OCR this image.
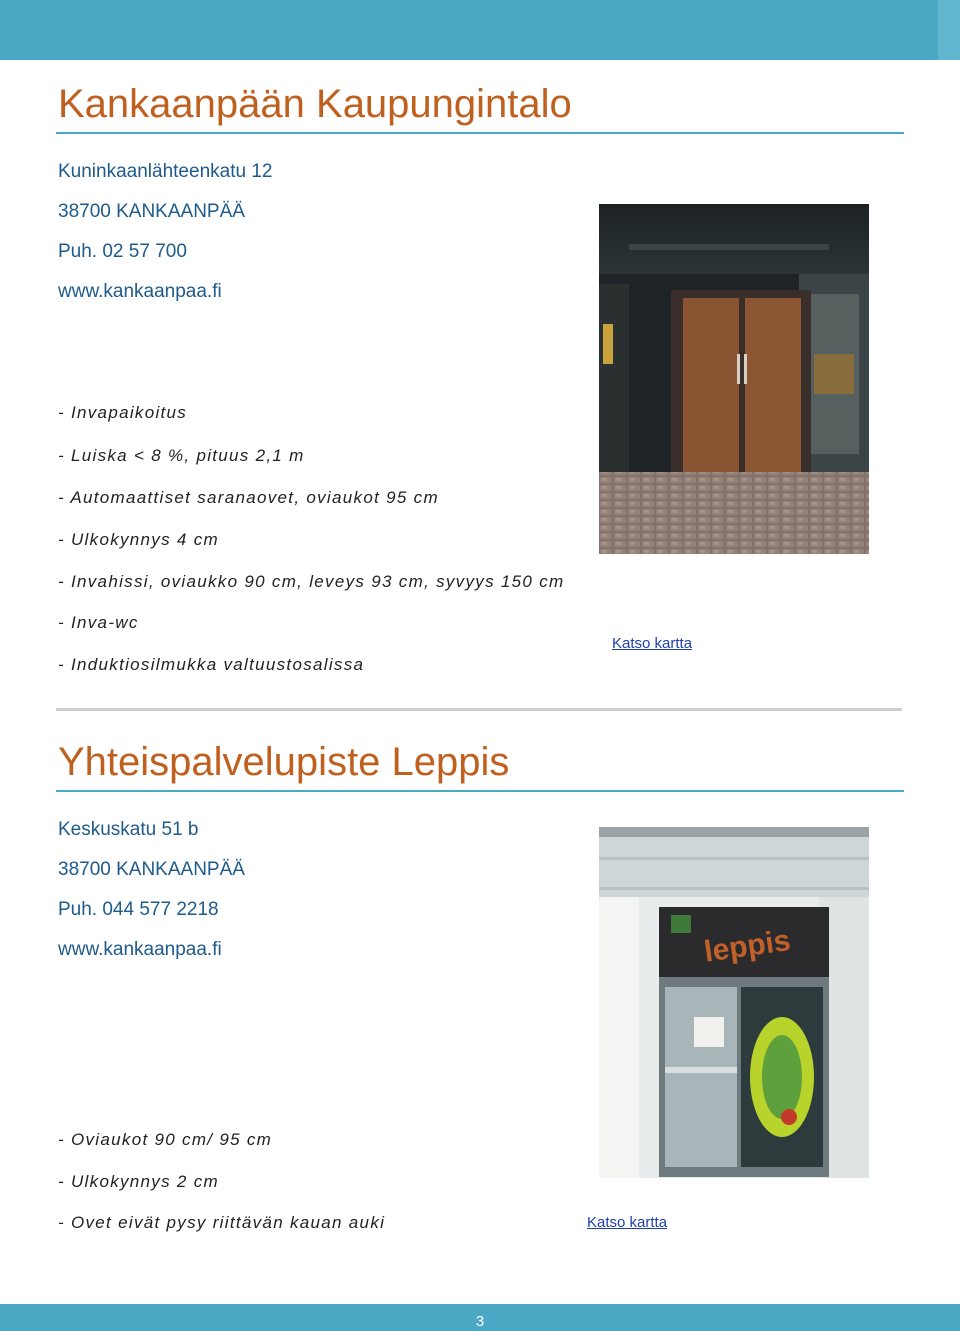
Kankaanpään Kaupungintalo
Kuninkaanlähteenkatu 12
38700 KANKAANPÄÄ
Puh. 02 57 700
www.kankaanpaa.fi
- Invapaikoitus
- Luiska < 8 %, pituus 2,1 m
- Automaattiset saranaovet, oviaukot 95 cm
- Ulkokynnys 4 cm
- Invahissi, oviaukko 90 cm, leveys 93 cm, syvyys 150 cm
- Inva-wc
- Induktiosilmukka valtuustosalissa
Katso kartta
Yhteispalvelupiste Leppis
Keskuskatu 51 b
38700 KANKAANPÄÄ
Puh. 044 577 2218
www.kankaanpaa.fi
- Oviaukot 90 cm/ 95 cm
- Ulkokynnys 2 cm
- Ovet eivät pysy riittävän kauan auki
leppis
Katso kartta
3
